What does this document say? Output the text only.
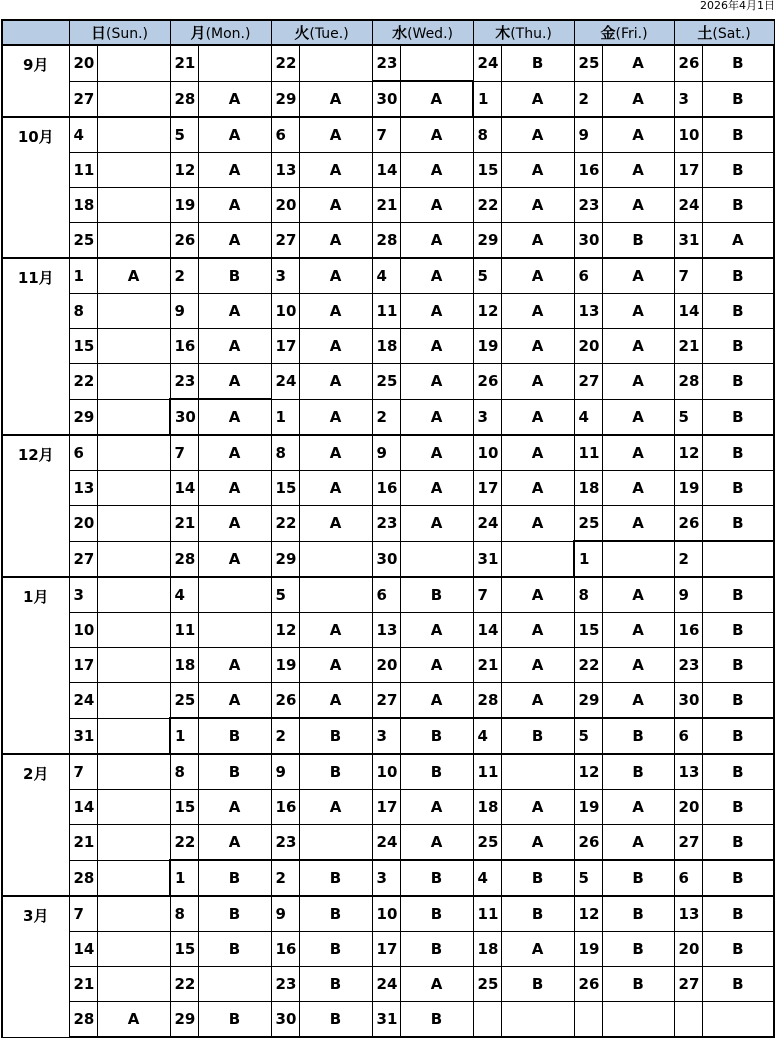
2026年4月1日
	日(Sun.)		月(Mon.)		火(Tue.)		水(Wed.)		木(Thu.)		金(Fri.)		土(Sat.)	
9月	20		21		22		23		24	B	25	A	26	B
	27		28	A	29	A	30	A	1	A	2	A	3	B
10月	4		5	A	6	A	7	A	8	A	9	A	10	B
	11		12	A	13	A	14	A	15	A	16	A	17	B
	18		19	A	20	A	21	A	22	A	23	A	24	B
	25		26	A	27	A	28	A	29	A	30	B	31	A
11月	1	A	2	B	3	A	4	A	5	A	6	A	7	B
	8		9	A	10	A	11	A	12	A	13	A	14	B
	15		16	A	17	A	18	A	19	A	20	A	21	B
	22		23	A	24	A	25	A	26	A	27	A	28	B
	29		30	A	1	A	2	A	3	A	4	A	5	B
12月	6		7	A	8	A	9	A	10	A	11	A	12	B
	13		14	A	15	A	16	A	17	A	18	A	19	B
	20		21	A	22	A	23	A	24	A	25	A	26	B
	27		28	A	29		30		31		1		2	
1月	3		4		5		6	B	7	A	8	A	9	B
	10		11		12	A	13	A	14	A	15	A	16	B
	17		18	A	19	A	20	A	21	A	22	A	23	B
	24		25	A	26	A	27	A	28	A	29	A	30	B
	31		1	B	2	B	3	B	4	B	5	B	6	B
2月	7		8	B	9	B	10	B	11		12	B	13	B
	14		15	A	16	A	17	A	18	A	19	A	20	B
	21		22	A	23		24	A	25	A	26	A	27	B
	28		1	B	2	B	3	B	4	B	5	B	6	B
3月	7		8	B	9	B	10	B	11	B	12	B	13	B
	14		15	B	16	B	17	B	18	A	19	B	20	B
	21		22		23	B	24	A	25	B	26	B	27	B
	28	A	29	B	30	B	31	B						
